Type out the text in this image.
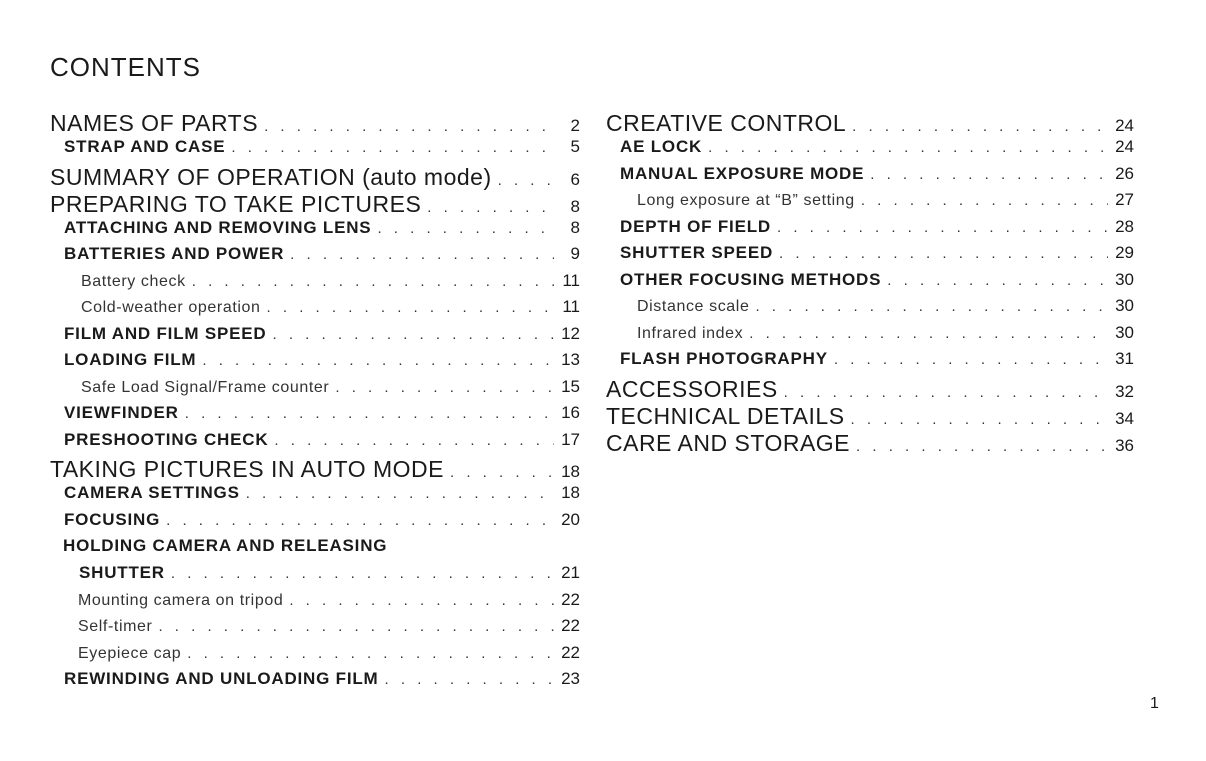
CONTENTS
NAMES OF PARTS . . .	2
STRAP AND CASE . . .	5
SUMMARY OF OPERATION (auto mode) . . .	6
PREPARING TO TAKE PICTURES . . .	8
ATTACHING AND REMOVING LENS . . .	8
BATTERIES AND POWER . . .	9
Battery check . . .	11
Cold-weather operation . . .	11
FILM AND FILM SPEED . . .	12
LOADING FILM . . .	13
Safe Load Signal/Frame counter . . .	15
VIEWFINDER . . .	16
PRESHOOTING CHECK . . .	17
TAKING PICTURES IN AUTO MODE . . .	18
CAMERA SETTINGS . . .	18
FOCUSING . . .	20
HOLDING CAMERA AND RELEASING
SHUTTER . . .	21
Mounting camera on tripod . . .	22
Self-timer . . .	22
Eyepiece cap . . .	22
REWINDING AND UNLOADING FILM . . .	23
CREATIVE CONTROL . . .	24
AE LOCK . . .	24
MANUAL EXPOSURE MODE . . .	26
Long exposure at “B” setting . . .	27
DEPTH OF FIELD . . .	28
SHUTTER SPEED . . .	29
OTHER FOCUSING METHODS . . .	30
Distance scale . . .	30
Infrared index . . .	30
FLASH PHOTOGRAPHY . . .	31
ACCESSORIES . . .	32
TECHNICAL DETAILS . . .	34
CARE AND STORAGE . . .	36
1
